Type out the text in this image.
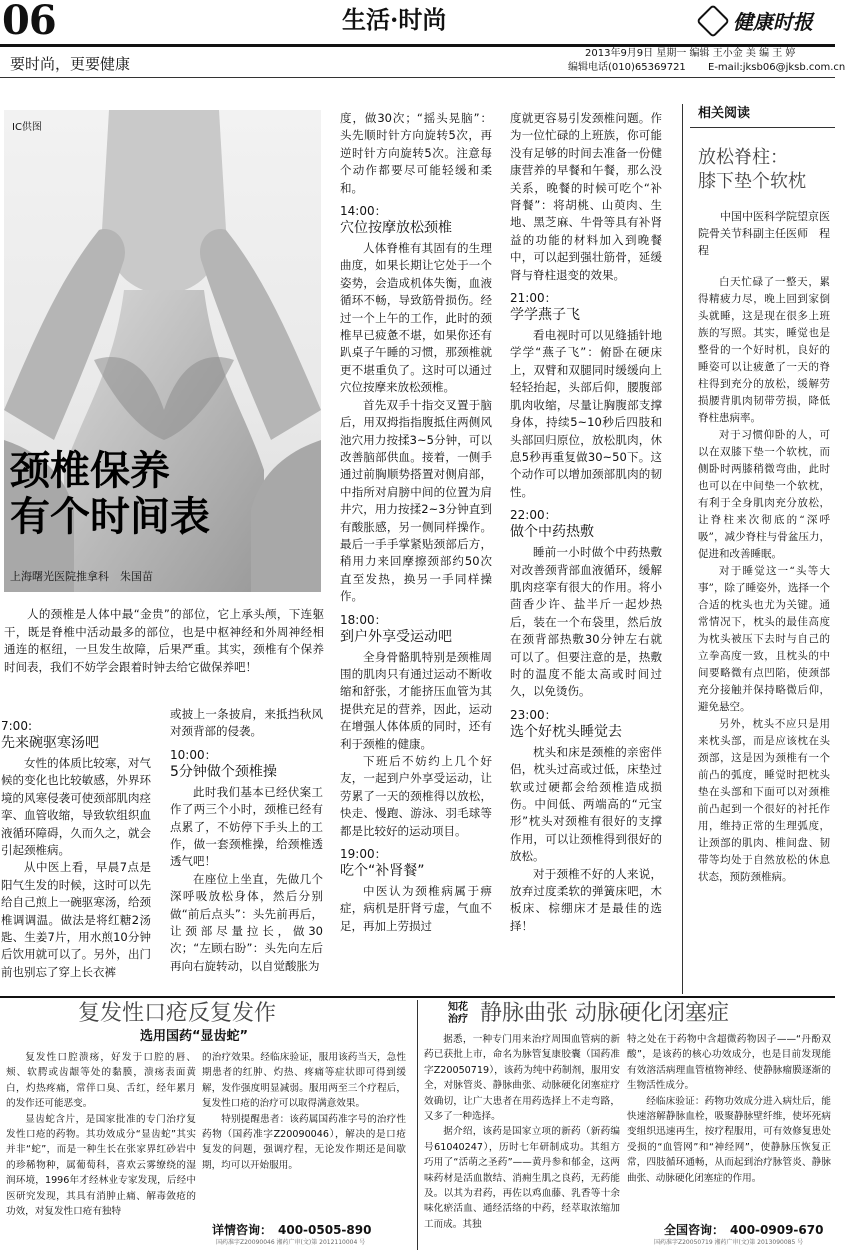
06	生活·时尚	健康时报
要时尚，更要健康
2013年9月9日 星期一 编辑 王小金 美 编 王 婷
编辑电话(010)65369721 E-mail:jksb06@jksb.com.cn
IC供图
颈椎保养
有个时间表
上海曙光医院推拿科　朱国苗

人的颈椎是人体中最“金贵”的部位，它上承头颅，下连躯干，既是脊椎中活动最多的部位，也是中枢神经和外周神经相通连的枢纽，一旦发生故障，后果严重。其实，颈椎有个保养时间表，我们不妨学会跟着时钟去给它做保养吧！

7:00:
先来碗驱寒汤吧

女性的体质比较寒，对气候的变化也比较敏感，外界环境的风寒侵袭可使颈部肌肉痉挛、血管收缩，导致软组织血液循环障碍，久而久之，就会引起颈椎病。

从中医上看，早晨7点是阳气生发的时候，这时可以先给自己煎上一碗驱寒汤，给颈椎调调温。做法是将红糖2汤匙、生姜7片，用水煎10分钟后饮用就可以了。另外，出门前也别忘了穿上长衣裤

或披上一条披肩，来抵挡秋风对颈背部的侵袭。

10:00：
5分钟做个颈椎操

此时我们基本已经伏案工作了两三个小时，颈椎已经有点累了，不妨停下手头上的工作，做一套颈椎操，给颈椎透透气吧！

在座位上坐直，先做几个深呼吸放松身体，然后分别做“前后点头”：头先前再后，让颈部尽量拉长，做30次；“左顾右盼”：头先向左后再向右旋转动，以自觉酸胀为

度，做30次；“摇头晃脑”：头先顺时针方向旋转5次，再逆时针方向旋转5次。注意每个动作都要尽可能轻缓和柔和。

14:00：
穴位按摩放松颈椎

人体脊椎有其固有的生理曲度，如果长期让它处于一个姿势，会造成机体失衡，血液循环不畅，导致筋骨损伤。经过一个上午的工作，此时的颈椎早已疲惫不堪，如果你还有趴桌子午睡的习惯，那颈椎就更不堪重负了。这时可以通过穴位按摩来放松颈椎。

首先双手十指交叉置于脑后，用双拇指指腹抵住两侧风池穴用力按揉3~5分钟，可以改善脑部供血。接着，一侧手通过前胸顺势搭置对侧肩部，中指所对肩膀中间的位置为肩井穴，用力按揉2~3分钟直到有酸胀感，另一侧同样操作。最后一手手掌紧贴颈部后方，稍用力来回摩擦颈部约50次直至发热，换另一手同样操作。

18:00：
到户外享受运动吧

全身骨骼肌特别是颈椎周围的肌肉只有通过运动不断收缩和舒张，才能挤压血管为其提供充足的营养，因此，运动在增强人体体质的同时，还有利于颈椎的健康。

下班后不妨约上几个好友，一起到户外享受运动，让劳累了一天的颈椎得以放松，快走、慢跑、游泳、羽毛球等都是比较好的运动项目。

19:00：
吃个“补肾餐”

中医认为颈椎病属于痹症，病机是肝肾亏虚，气血不足，再加上劳损过

度就更容易引发颈椎问题。作为一位忙碌的上班族，你可能没有足够的时间去准备一份健康营养的早餐和午餐，那么没关系，晚餐的时候可吃个“补肾餐”：将胡桃、山萸肉、生地、黑芝麻、牛骨等具有补肾益的功能的材料加入到晚餐中，可以起到强壮筋骨，延缓肾与脊柱退变的效果。

21:00：
学学燕子飞

看电视时可以见缝插针地学学“燕子飞”：俯卧在硬床上，双臂和双腿同时缓缓向上轻轻抬起，头部后仰，腰腹部肌肉收缩，尽量让胸腹部支撑身体，持续5~10秒后四肢和头部回归原位，放松肌肉，休息5秒再重复做30~50下。这个动作可以增加颈部肌肉的韧性。

22:00：
做个中药热敷

睡前一小时做个中药热敷对改善颈背部血液循环，缓解肌肉痉挛有很大的作用。将小茴香少许、盐半斤一起炒热后，装在一个布袋里，然后放在颈背部热敷30分钟左右就可以了。但要注意的是，热敷时的温度不能太高或时间过久，以免烫伤。

23:00：
选个好枕头睡觉去

枕头和床是颈椎的亲密伴侣，枕头过高或过低，床垫过软或过硬都会给颈椎造成损伤。中间低、两端高的“元宝形”枕头对颈椎有很好的支撑作用，可以让颈椎得到很好的放松。

对于颈椎不好的人来说，放弃过度柔软的弹簧床吧，木板床、棕绷床才是最佳的选择！

相关阅读
放松脊柱：
膝下垫个软枕

中国中医科学院望京医院骨关节科副主任医师　程　程

白天忙碌了一整天，累得精疲力尽，晚上回到家倒头就睡，这是现在很多上班族的写照。其实，睡觉也是整骨的一个好时机，良好的睡姿可以让疲惫了一天的脊柱得到充分的放松，缓解劳损腰背肌肉韧带劳损，降低脊柱患病率。

对于习惯仰卧的人，可以在双膝下垫一个软枕，而侧卧时两膝稍微弯曲，此时也可以在中间垫一个软枕，有利于全身肌肉充分放松，让脊柱来次彻底的“深呼吸”，减少脊柱与骨盆压力，促进和改善睡眠。

对于睡觉这一“头等大事”，除了睡姿外，选择一个合适的枕头也尤为关键。通常情况下，枕头的最佳高度为枕头被压下去时与自己的立拳高度一致，且枕头的中间要略微有点凹陷，使颈部充分接触并保持略微后仰，避免悬空。

另外，枕头不应只是用来枕头部，而是应该枕在头颈部，这是因为颈椎有一个前凸的弧度，睡觉时把枕头垫在头部和下面可以对颈椎前凸起到一个很好的衬托作用，维持正常的生理弧度，让颈部的肌肉、椎间盘、韧带等均处于自然放松的休息状态，预防颈椎病。

复发性口疮反复发作
选用国药“显齿蛇”

复发性口腔溃疡，好发于口腔的唇、颊、软腭或齿龈等处的黏膜，溃疡表面黄白，灼热疼痛，常伴口臭、舌红，经年累月的发作还可能恶变。

显齿蛇含片，是国家批准的专门治疗复发性口疮的药物。其功效成分“显齿蛇”其实并非“蛇”，而是一种生长在张家界红砂岩中的珍稀物种，属葡萄科，喜欢云雾缭绕的湿润环境，1996年才经林业专家发现，后经中医研究发现，其具有消肿止痛、解毒敛疮的功效，对复发性口疮有独特

的治疗效果。经临床验证，服用该药当天，急性期患者的红肿、灼热、疼痛等症状即可得到缓解，发作强度明显减弱。服用两至三个疗程后，复发性口疮的治疗可以取得满意效果。

特别提醒患者：该药属国药准字号的治疗性药物（国药准字Z20090046），解决的是口疮复发的问题，强调疗程，无论发作期还是间歇期，均可以开始服用。

详情咨询：　400-0505-890
国药准字Z20090046 湘药广审(文)第 2012110004 号
知花
治疗 静脉曲张 动脉硬化闭塞症

据悉，一种专门用来治疗周围血管病的新药已获批上市，命名为脉管复康胶囊（国药准字Z20050719），该药为纯中药制剂，服用安全，对脉管炎、静脉曲张、动脉硬化闭塞症疗效确切，让广大患者在用药选择上不走弯路，又多了一种选择。

据介绍，该药是国家立项的新药（新药编号61040247），历时七年研制成功。其组方巧用了“活萌之圣药”——黄丹参和郁金，这两味药材是活血散结、消痈生肌之良药，无药能及。以其为君药，再佐以鸡血藤、乳香等十余味化瘀活血、通经活络的中药，经萃取浓缩加工而成。其独

特之处在于药物中含超微药物因子——“丹酚双酸”，是该药的核心功效成分，也是目前发现能有效溶活病理血管植物神经、使静脉瘤膜逐渐的生物活性成分。

经临床验证：药物功效成分进入病灶后，能快速溶解静脉血栓，吸聚静脉壁纤维，使坏死病变组织迅速再生，按疗程服用，可有效修复患处受损的“血管网”和“神经网”，使静脉压恢复正常，四肢循环通畅，从而起到治疗脉管炎、静脉曲张、动脉硬化闭塞症的作用。

全国咨询：　400-0909-670
国药准字Z20050719 湘药广审(文)第 2013090085 号
